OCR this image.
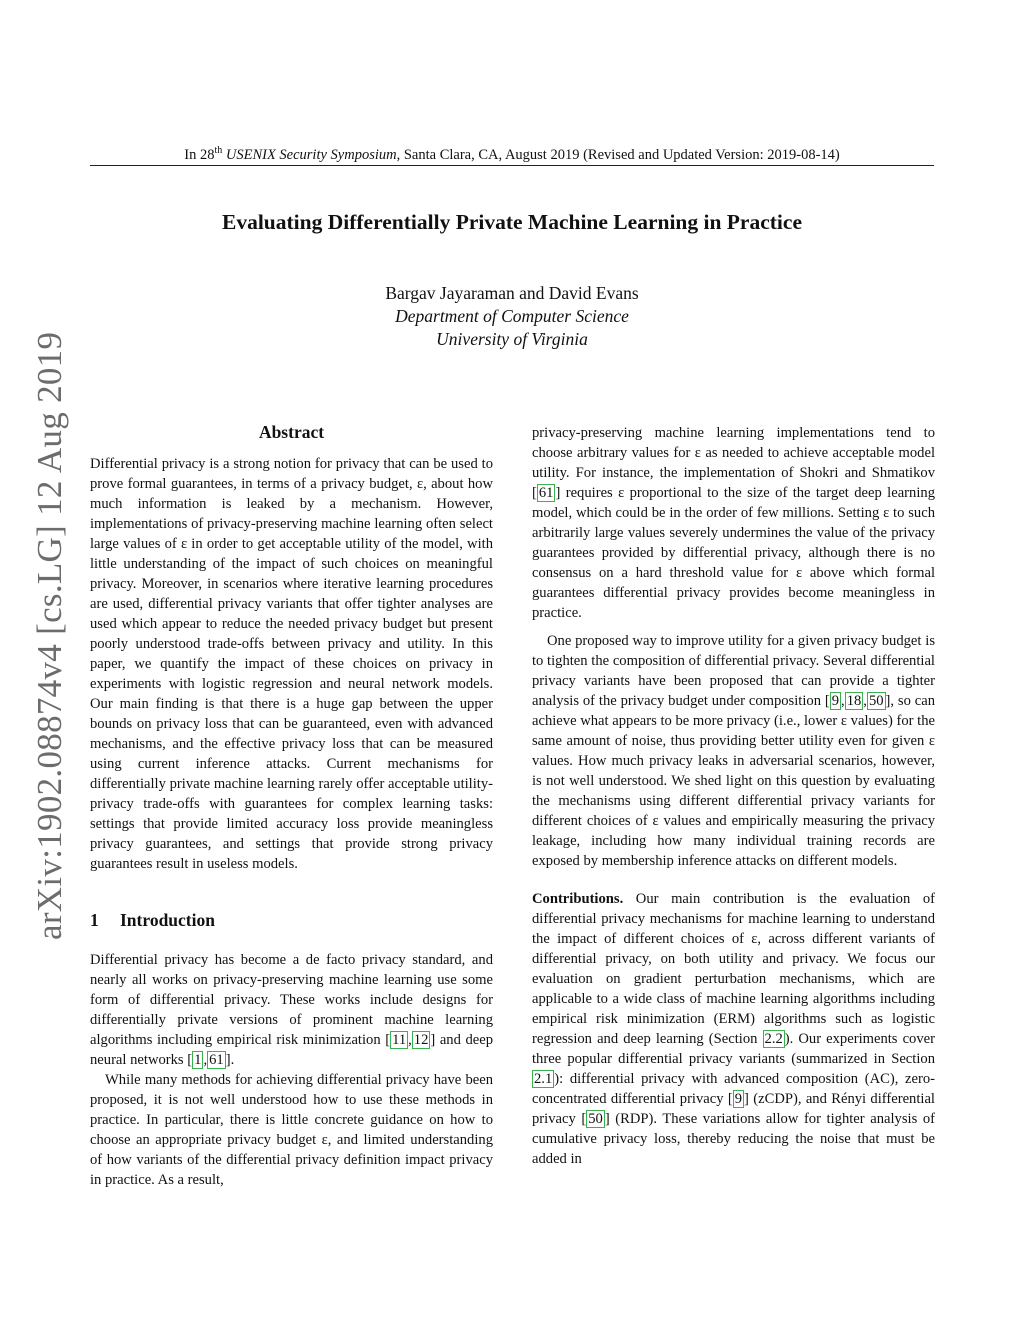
In 28th USENIX Security Symposium, Santa Clara, CA, August 2019 (Revised and Updated Version: 2019-08-14)
Evaluating Differentially Private Machine Learning in Practice
Bargav Jayaraman and David Evans
Department of Computer Science
University of Virginia
arXiv:1902.08874v4 [cs.LG] 12 Aug 2019	Abstract

Differential privacy is a strong notion for privacy that can be used to prove formal guarantees, in terms of a privacy budget, ε, about how much information is leaked by a mechanism. However, implementations of privacy-preserving machine learning often select large values of ε in order to get acceptable utility of the model, with little understanding of the impact of such choices on meaningful privacy. Moreover, in scenarios where iterative learning procedures are used, differential privacy variants that offer tighter analyses are used which appear to reduce the needed privacy budget but present poorly understood trade-offs between privacy and utility. In this paper, we quantify the impact of these choices on privacy in experiments with logistic regression and neural network models. Our main finding is that there is a huge gap between the upper bounds on privacy loss that can be guaranteed, even with advanced mechanisms, and the effective privacy loss that can be measured using current inference attacks. Current mechanisms for differentially private machine learning rarely offer acceptable utility-privacy trade-offs with guarantees for complex learning tasks: settings that provide limited accuracy loss provide meaningless privacy guarantees, and settings that provide strong privacy guarantees result in useless models.

1 Introduction

Differential privacy has become a de facto privacy standard, and nearly all works on privacy-preserving machine learning use some form of differential privacy. These works include designs for differentially private versions of prominent machine learning algorithms including empirical risk minimization [ 11 , 12 ] and deep neural networks [ 1 , 61 ].

While many methods for achieving differential privacy have been proposed, it is not well understood how to use these methods in practice. In particular, there is little concrete guidance on how to choose an appropriate privacy budget ε, and limited understanding of how variants of the differential privacy definition impact privacy in practice. As a result,

privacy-preserving machine learning implementations tend to choose arbitrary values for ε as needed to achieve acceptable model utility. For instance, the implementation of Shokri and Shmatikov [ 61 ] requires ε proportional to the size of the target deep learning model, which could be in the order of few millions. Setting ε to such arbitrarily large values severely undermines the value of the privacy guarantees provided by differential privacy, although there is no consensus on a hard threshold value for ε above which formal guarantees differential privacy provides become meaningless in practice.

One proposed way to improve utility for a given privacy budget is to tighten the composition of differential privacy. Several differential privacy variants have been proposed that can provide a tighter analysis of the privacy budget under composition [ 9 , 18 , 50 ], so can achieve what appears to be more privacy (i.e., lower ε values) for the same amount of noise, thus providing better utility even for given ε values. How much privacy leaks in adversarial scenarios, however, is not well understood. We shed light on this question by evaluating the mechanisms using different differential privacy variants for different choices of ε values and empirically measuring the privacy leakage, including how many individual training records are exposed by membership inference attacks on different models.

Contributions. Our main contribution is the evaluation of differential privacy mechanisms for machine learning to understand the impact of different choices of ε, across different variants of differential privacy, on both utility and privacy. We focus our evaluation on gradient perturbation mechanisms, which are applicable to a wide class of machine learning algorithms including empirical risk minimization (ERM) algorithms such as logistic regression and deep learning (Section 2.2 ). Our experiments cover three popular differential privacy variants (summarized in Section 2.1 ): differential privacy with advanced composition (AC), zero-concentrated differential privacy [ 9 ] (zCDP), and Rényi differential privacy [ 50 ] (RDP). These variations allow for tighter analysis of cumulative privacy loss, thereby reducing the noise that must be added in
